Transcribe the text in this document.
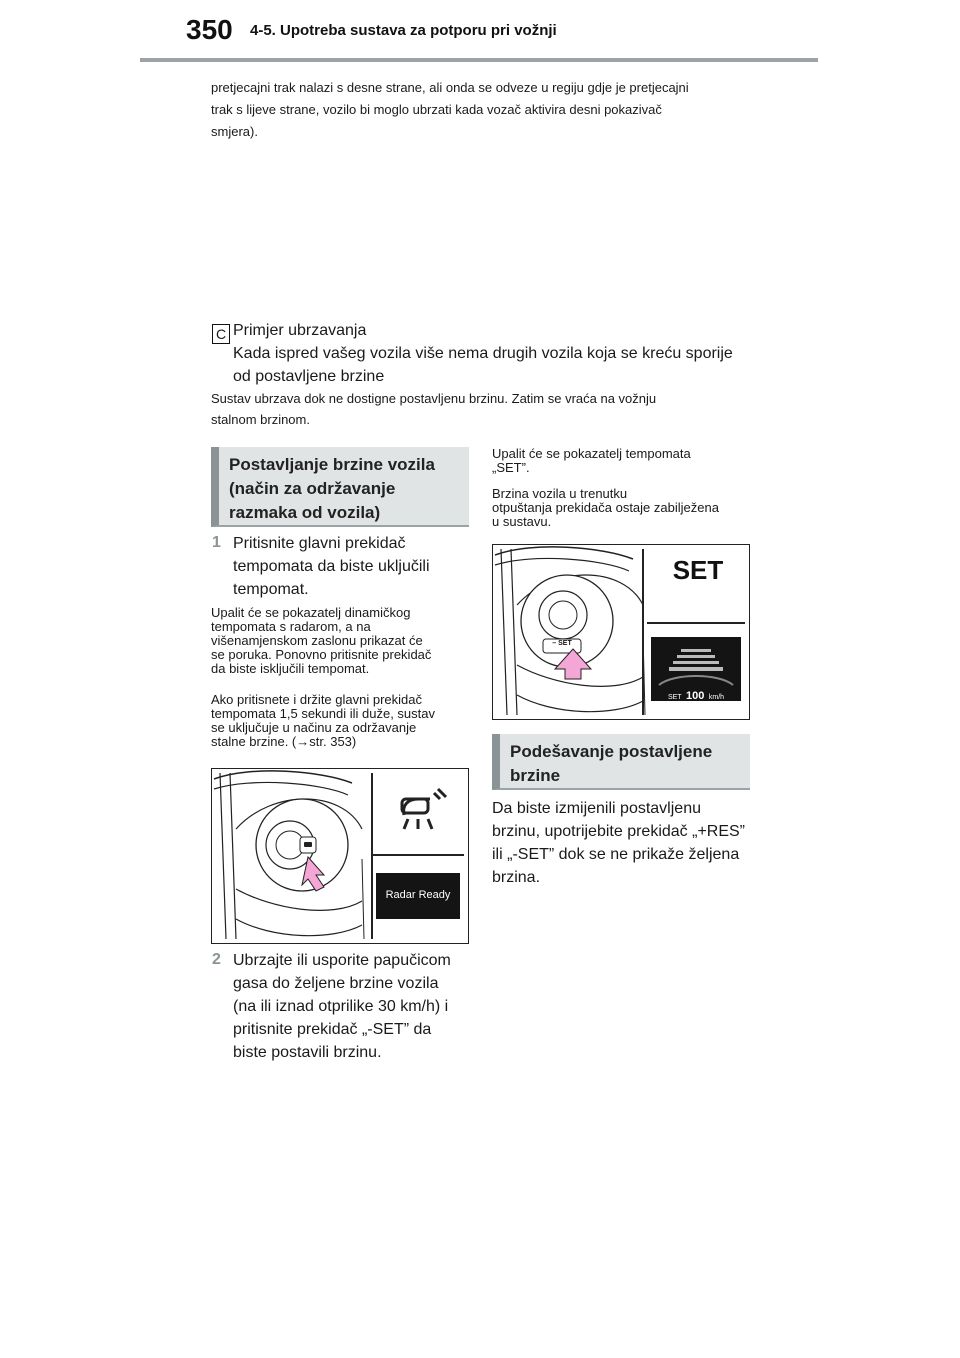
350 4-5. Upotreba sustava za potporu pri vožnji
pretjecajni trak nalazi s desne strane, ali onda se odveze u regiju gdje je pretjecajni
trak s lijeve strane, vozilo bi moglo ubrzati kada vozač aktivira desni pokazivač
smjera).
C Primjer ubrzavanja
Kada ispred vašeg vozila više nema drugih vozila koja se kreću sporije
od postavljene brzine
Sustav ubrzava dok ne dostigne postavljenu brzinu. Zatim se vraća na vožnju
stalnom brzinom.
Postavljanje brzine vozila
(način za održavanje
razmaka od vozila)
1 Pritisnite glavni prekidač
tempomata da biste uključili
tempomat.
Upalit će se pokazatelj dinamičkog
tempomata s radarom, a na
višenamjenskom zaslonu prikazat će
se poruka. Ponovno pritisnite prekidač
da biste isključili tempomat.
Ako pritisnete i držite glavni prekidač
tempomata 1,5 sekundi ili duže, sustav
se uključuje u načinu za održavanje
stalne brzine. (→str. 353)
Radar Ready
2 Ubrzajte ili usporite papučicom
gasa do željene brzine vozila
(na ili iznad otprilike 30 km/h) i
pritisnite prekidač „-SET” da
biste postavili brzinu.
Upalit će se pokazatelj tempomata
„SET”.
Brzina vozila u trenutku
otpuštanja prekidača ostaje zabilježena
u sustavu.
SET
– SET
SET 100 km/h
Podešavanje postavljene
brzine
Da biste izmijenili postavljenu
brzinu, upotrijebite prekidač „+RES”
ili „-SET” dok se ne prikaže željena
brzina.
